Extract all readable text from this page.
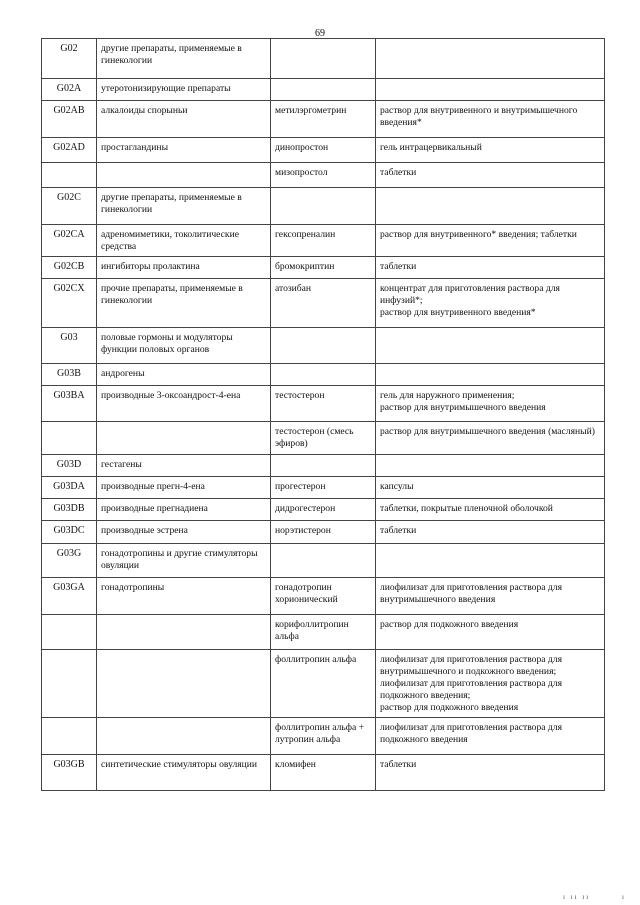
69
G02	другие препараты, применяемые в гинекологии		
G02A	утеротонизирующие препараты		
G02AB	алкалоиды спорыньи	метилэргометрин	раствор для внутривенного и внутримышечного введения*
G02AD	простагландины	динопростон	гель интрацервикальный
		мизопростол	таблетки
G02C	другие препараты, применяемые в гинекологии		
G02CA	адреномиметики, токолитические средства	гексопреналин	раствор для внутривенного* введения; таблетки
G02CB	ингибиторы пролактина	бромокриптин	таблетки
G02CX	прочие препараты, применяемые в гинекологии	атозибан	концентрат для приготовления раствора для инфузий*;
раствор для внутривенного введения*
G03	половые гормоны и модуляторы функции половых органов		
G03B	андрогены		
G03BA	производные 3-оксоандрост-4-ена	тестостерон	гель для наружного применения;
раствор для внутримышечного введения
		тестостерон (смесь эфиров)	раствор для внутримышечного введения (масляный)
G03D	гестагены		
G03DA	производные прегн-4-ена	прогестерон	капсулы
G03DB	производные прегнадиена	дидрогестерон	таблетки, покрытые пленочной оболочкой
G03DC	производные эстрена	норэтистерон	таблетки
G03G	гонадотропины и другие стимуляторы овуляции		
G03GA	гонадотропины	гонадотропин хорионический	лиофилизат для приготовления раствора для внутримышечного введения
		корифоллитропин альфа	раствор для подкожного введения
		фоллитропин альфа	лиофилизат для приготовления раствора для внутримышечного и подкожного введения;
лиофилизат для приготовления раствора для подкожного введения;
раствор для подкожного введения
		фоллитропин альфа + лутропин альфа	лиофилизат для приготовления раствора для подкожного введения
G03GB	синтетические стимуляторы овуляции	кломифен	таблетки
ı ıı ıı	ı
